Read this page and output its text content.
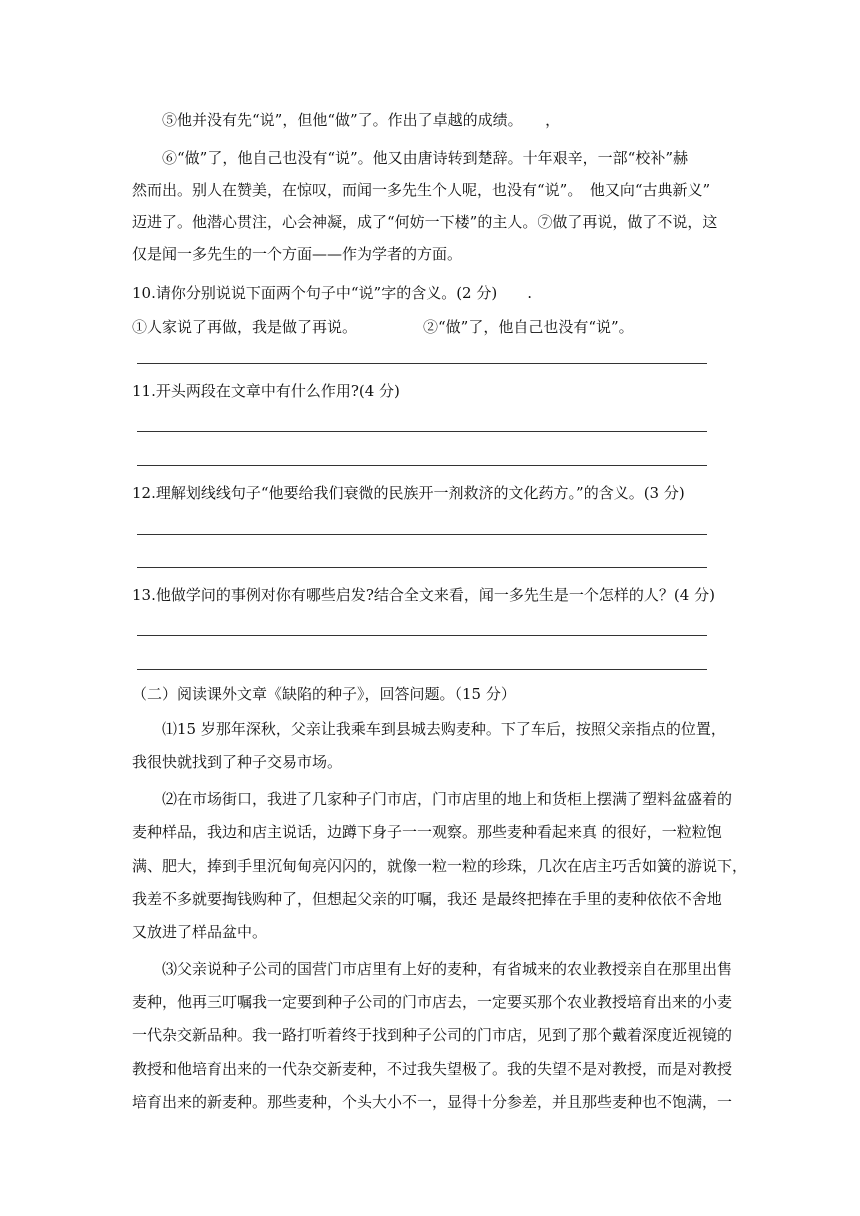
⑤他并没有先“说”，但他“做”了。作出了卓越的成绩。　　，
⑥“做”了，他自己也没有“说”。他又由唐诗转到楚辞。十年艰辛，一部“校补”赫
然而出。别人在赞美，在惊叹，而闻一多先生个人呢，也没有“说”。　他又向“古典新义”
迈进了。他潜心贯注，心会神凝，成了“何妨一下楼”的主人。⑦做了再说，做了不说，这
仅是闻一多先生的一个方面——作为学者的方面。
10.请你分别说说下面两个句子中“说”字的含义。(2 分)　　.
①人家说了再做，我是做了再说。	②“做”了，他自己也没有“说”。
11.开头两段在文章中有什么作用?(4 分)
12.理解划线线句子“他要给我们衰微的民族开一剂救济的文化药方。”的含义。(3 分)
13.他做学问的事例对你有哪些启发?结合全文来看，闻一多先生是一个怎样的人？(4 分)
（二）阅读课外文章《缺陷的种子》，回答问题。（15 分）
⑴15 岁那年深秋，父亲让我乘车到县城去购麦种。下了车后，按照父亲指点的位置，
我很快就找到了种子交易市场。
⑵在市场街口，我进了几家种子门市店，门市店里的地上和货柜上摆满了塑料盆盛着的
麦种样品，我边和店主说话，边蹲下身子一一观察。那些麦种看起来真 的很好，一粒粒饱
满、肥大，捧到手里沉甸甸亮闪闪的，就像一粒一粒的珍珠，几次在店主巧舌如簧的游说下，
我差不多就要掏钱购种了，但想起父亲的叮嘱，我还 是最终把捧在手里的麦种依依不舍地
又放进了样品盆中。
⑶父亲说种子公司的国营门市店里有上好的麦种，有省城来的农业教授亲自在那里出售
麦种，他再三叮嘱我一定要到种子公司的门市店去，一定要买那个农业教授培育出来的小麦
一代杂交新品种。我一路打听着终于找到种子公司的门市店，见到了那个戴着深度近视镜的
教授和他培育出来的一代杂交新麦种，不过我失望极了。我的失望不是对教授，而是对教授
培育出来的新麦种。那些麦种，个头大小不一，显得十分参差，并且那些麦种也不饱满，一
